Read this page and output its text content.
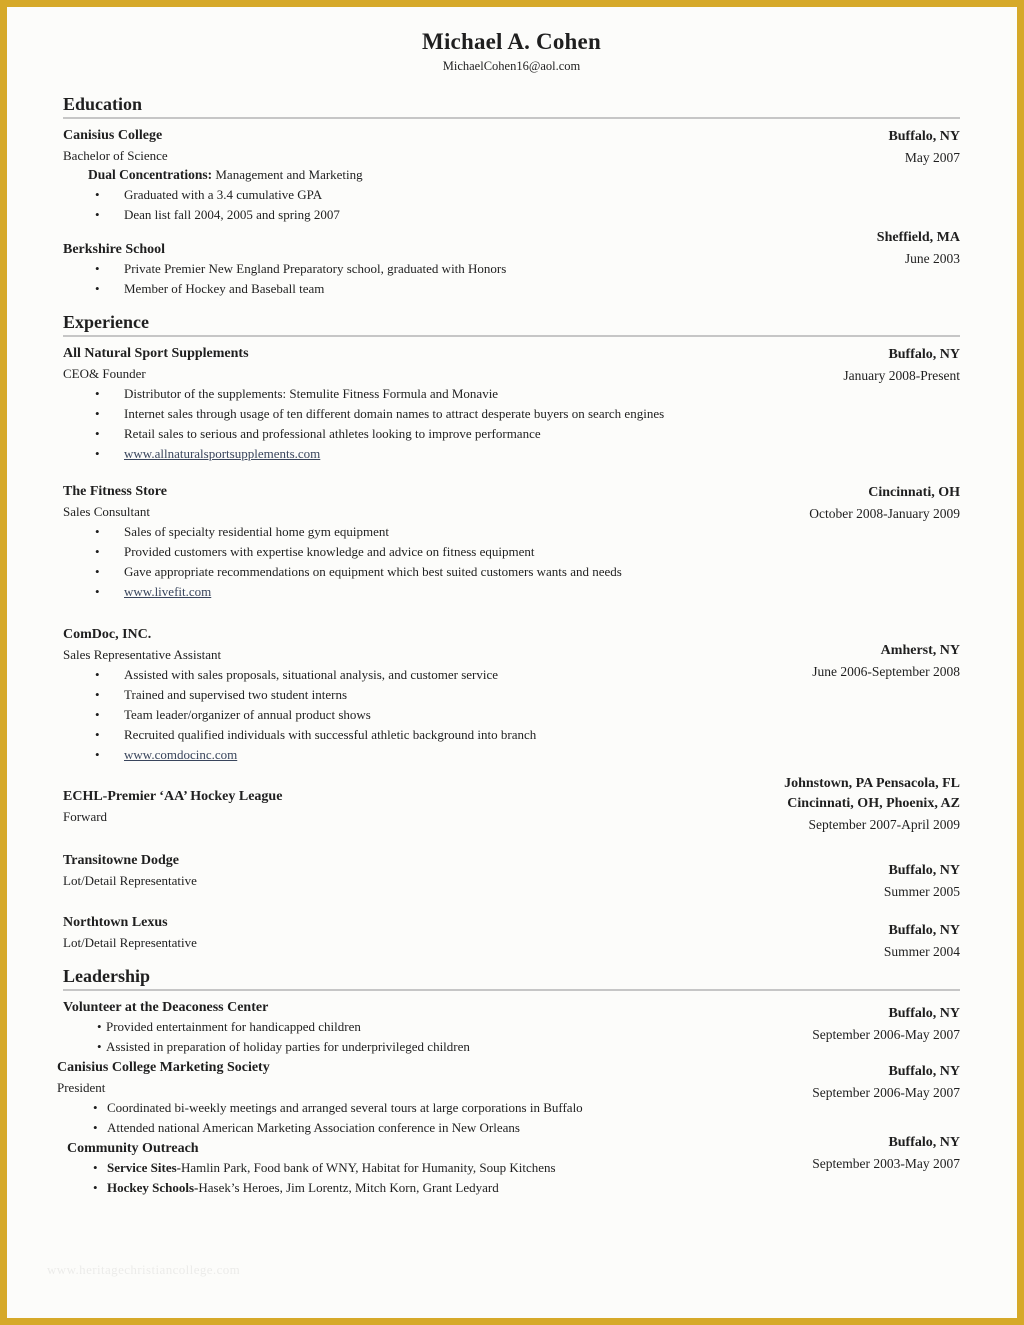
Michael A. Cohen
MichaelCohen16@aol.com
Education
Buffalo, NY
May 2007
Canisius College
Bachelor of Science
Dual Concentrations: Management and Marketing
•
Graduated with a 3.4 cumulative GPA
•
Dean list fall 2004, 2005 and spring 2007
Sheffield, MA
June 2003
Berkshire School
•
Private Premier New England Preparatory school, graduated with Honors
•
Member of Hockey and Baseball team
Experience
Buffalo, NY
January 2008-Present
All Natural Sport Supplements
CEO& Founder
•
Distributor of the supplements: Stemulite Fitness Formula and Monavie
•
Internet sales through usage of ten different domain names to attract desperate buyers on search engines
•
Retail sales to serious and professional athletes looking to improve performance
•
www.allnaturalsportsupplements.com
Cincinnati, OH
October 2008-January 2009
The Fitness Store
Sales Consultant
•
Sales of specialty residential home gym equipment
•
Provided customers with expertise knowledge and advice on fitness equipment
•
Gave appropriate recommendations on equipment which best suited customers wants and needs
•
www.livefit.com
Amherst, NY
June 2006-September 2008
ComDoc, INC.
Sales Representative Assistant
•
Assisted with sales proposals, situational analysis, and customer service
•
Trained and supervised two student interns
•
Team leader/organizer of annual product shows
•
Recruited qualified individuals with successful athletic background into branch
•
www.comdocinc.com
Johnstown, PA Pensacola, FL
Cincinnati, OH, Phoenix, AZ
September 2007-April 2009
ECHL-Premier ‘AA’ Hockey League
Forward
Buffalo, NY
Summer 2005
Transitowne Dodge
Lot/Detail Representative
Buffalo, NY
Summer 2004
Northtown Lexus
Lot/Detail Representative
Leadership
Buffalo, NY
September 2006-May 2007
Volunteer at the Deaconess Center
•
Provided entertainment for handicapped children
•
Assisted in preparation of holiday parties for underprivileged children
Buffalo, NY
September 2006-May 2007
Canisius College Marketing Society
President
•
Coordinated bi-weekly meetings and arranged several tours at large corporations in Buffalo
•
Attended national American Marketing Association conference in New Orleans
Buffalo, NY
September 2003-May 2007
Community Outreach
•
Service Sites-Hamlin Park, Food bank of WNY, Habitat for Humanity, Soup Kitchens
•
Hockey Schools-Hasek’s Heroes, Jim Lorentz, Mitch Korn, Grant Ledyard
www.heritagechristiancollege.com
